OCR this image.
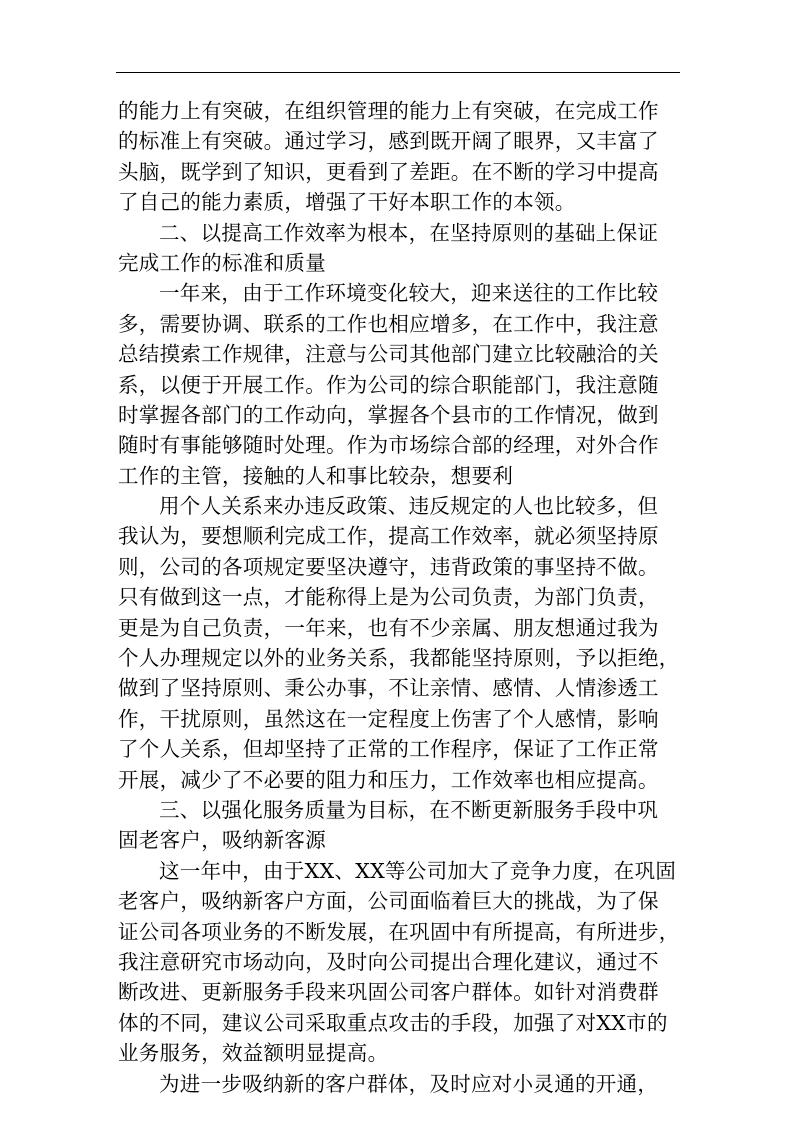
的能力上有突破，在组织管理的能力上有突破，在完成工作
的标准上有突破。通过学习，感到既开阔了眼界，又丰富了
头脑，既学到了知识，更看到了差距。在不断的学习中提高
了自己的能力素质，增强了干好本职工作的本领。
二、以提高工作效率为根本，在坚持原则的基础上保证
完成工作的标准和质量
一年来，由于工作环境变化较大，迎来送往的工作比较
多，需要协调、联系的工作也相应增多，在工作中，我注意
总结摸索工作规律，注意与公司其他部门建立比较融洽的关
系，以便于开展工作。作为公司的综合职能部门，我注意随
时掌握各部门的工作动向，掌握各个县市的工作情况，做到
随时有事能够随时处理。作为市场综合部的经理，对外合作
工作的主管，接触的人和事比较杂，想要利
用个人关系来办违反政策、违反规定的人也比较多，但
我认为，要想顺利完成工作，提高工作效率，就必须坚持原
则，公司的各项规定要坚决遵守，违背政策的事坚持不做。
只有做到这一点，才能称得上是为公司负责，为部门负责，
更是为自己负责，一年来，也有不少亲属、朋友想通过我为
个人办理规定以外的业务关系，我都能坚持原则，予以拒绝，
做到了坚持原则、秉公办事，不让亲情、感情、人情渗透工
作，干扰原则，虽然这在一定程度上伤害了个人感情，影响
了个人关系，但却坚持了正常的工作程序，保证了工作正常
开展，减少了不必要的阻力和压力，工作效率也相应提高。
三、以强化服务质量为目标，在不断更新服务手段中巩
固老客户，吸纳新客源
这一年中，由于XX、XX等公司加大了竞争力度，在巩固
老客户，吸纳新客户方面，公司面临着巨大的挑战，为了保
证公司各项业务的不断发展，在巩固中有所提高，有所进步，
我注意研究市场动向，及时向公司提出合理化建议，通过不
断改进、更新服务手段来巩固公司客户群体。如针对消费群
体的不同，建议公司采取重点攻击的手段，加强了对XX市的
业务服务，效益额明显提高。
为进一步吸纳新的客户群体，及时应对小灵通的开通，
